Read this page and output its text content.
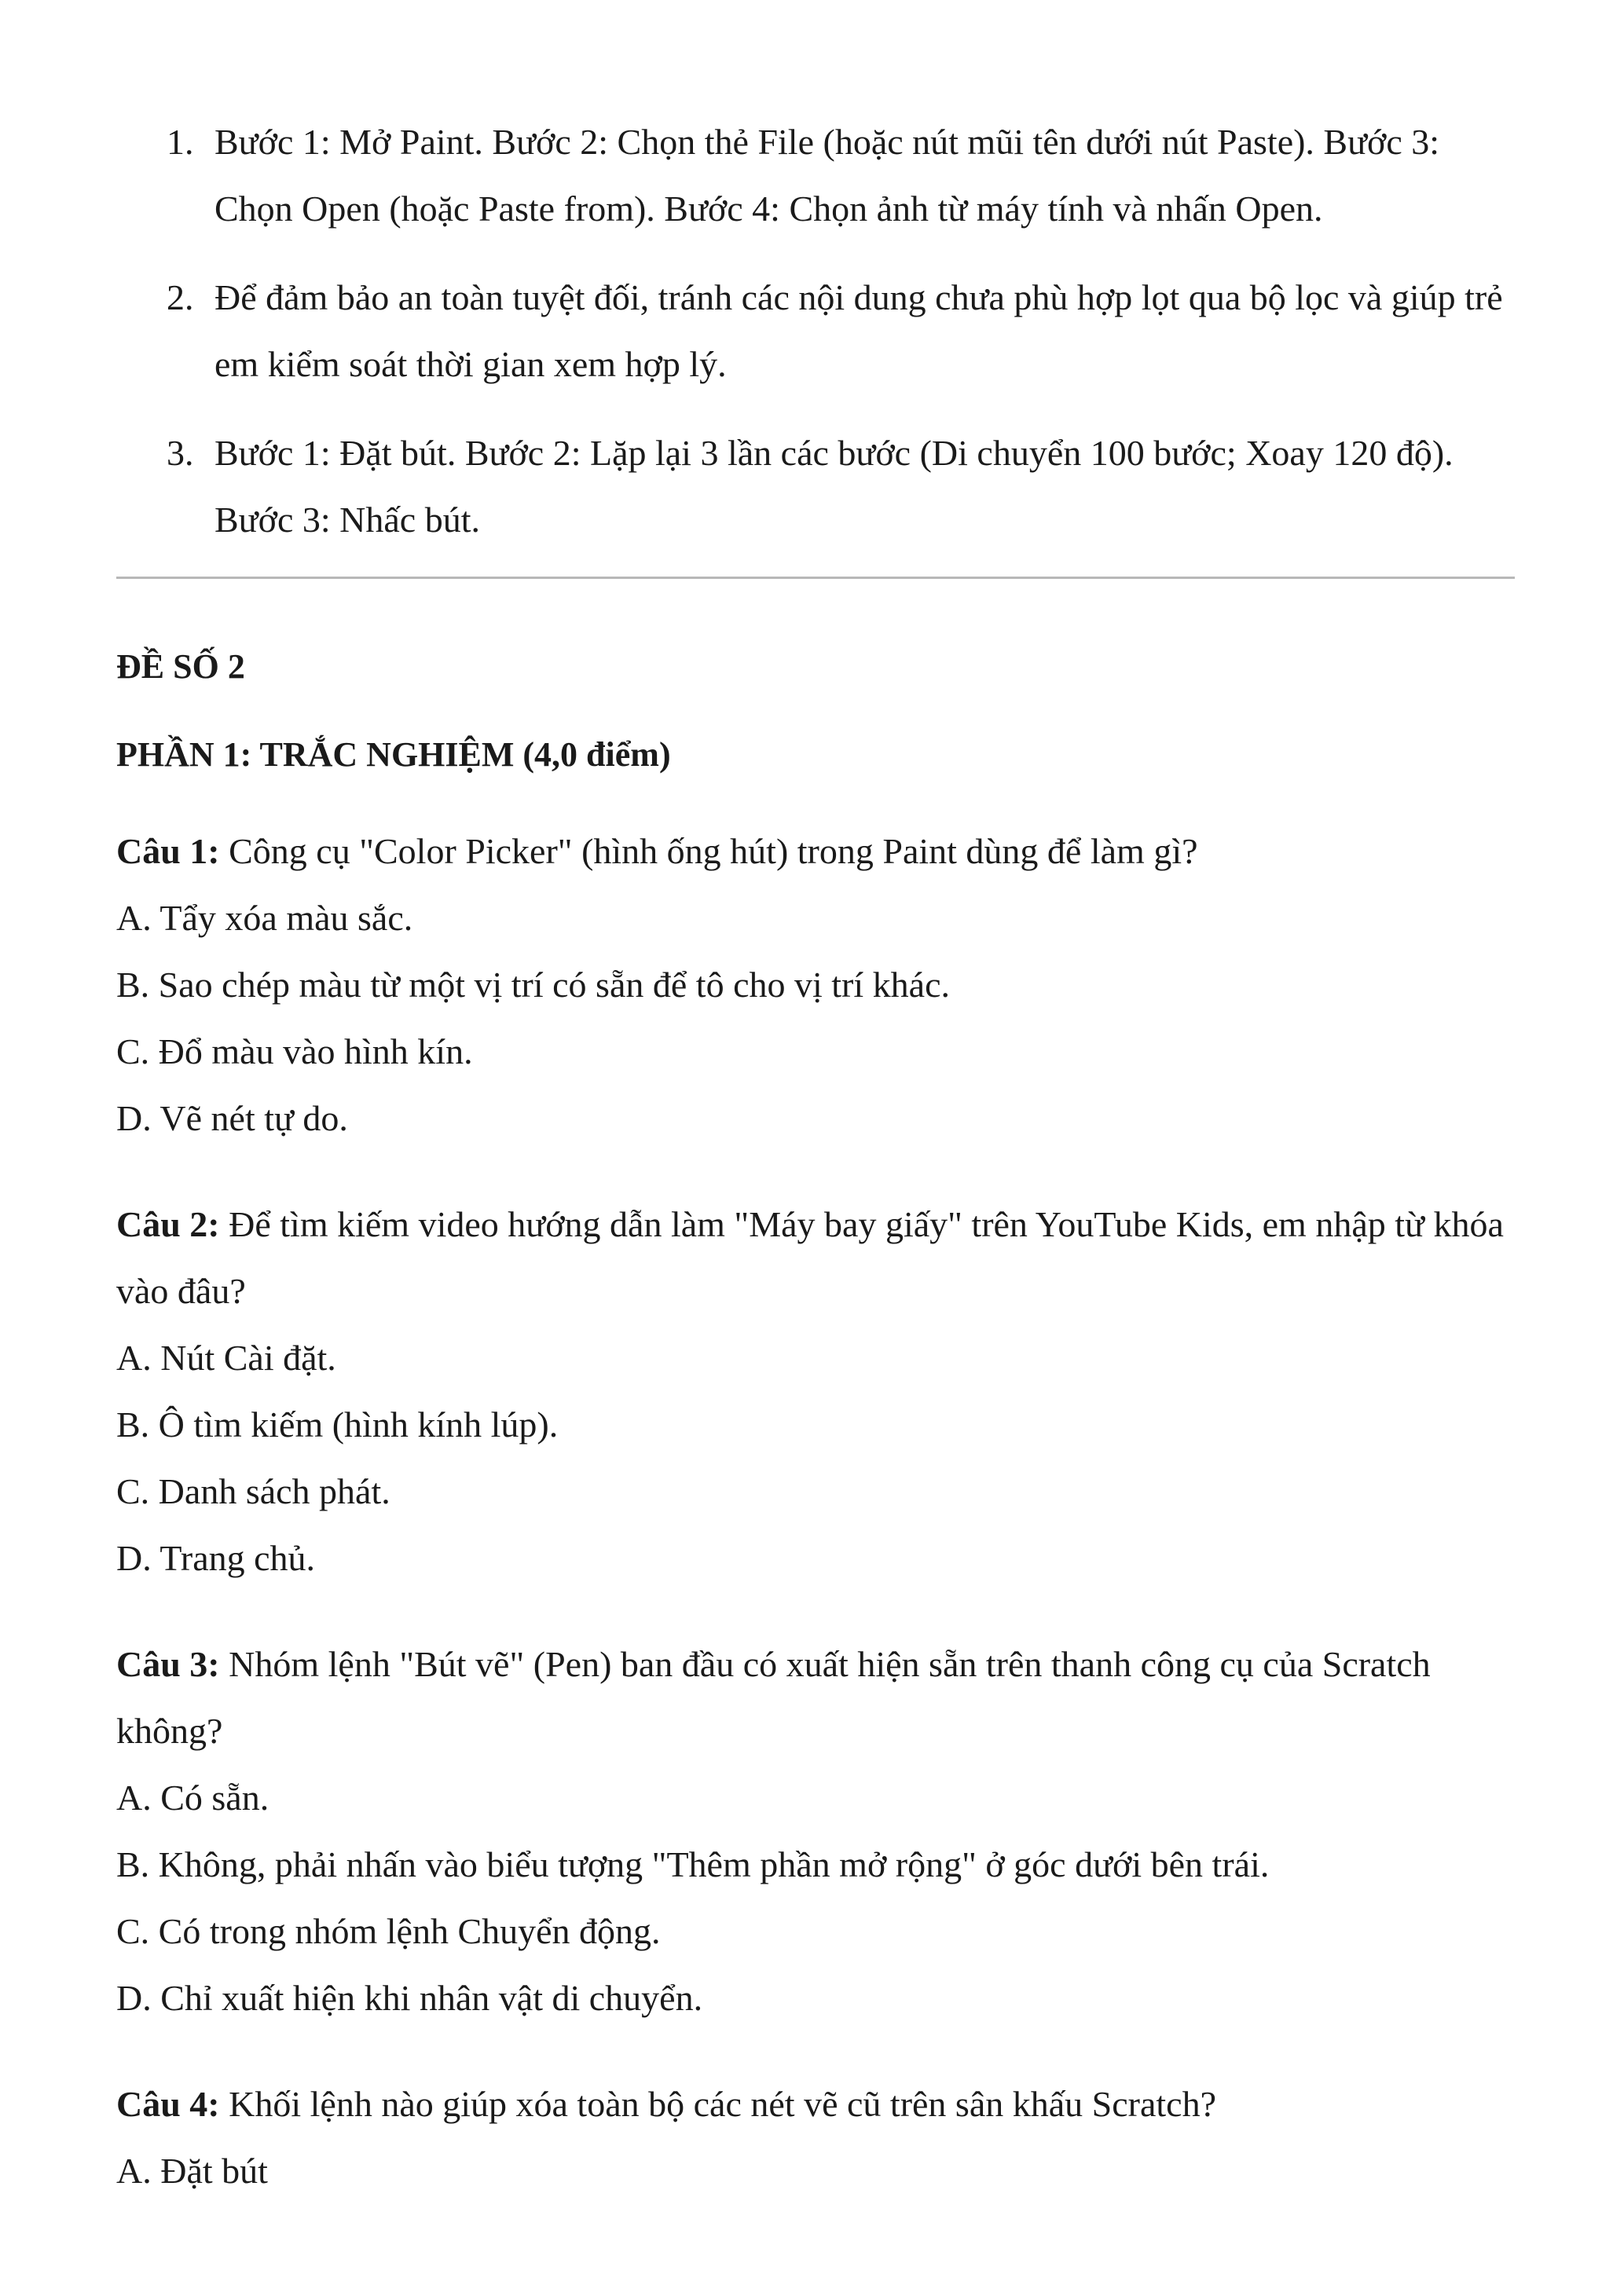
1. Bước 1: Mở Paint. Bước 2: Chọn thẻ File (hoặc nút mũi tên dưới nút Paste). Bước 3: Chọn Open (hoặc Paste from). Bước 4: Chọn ảnh từ máy tính và nhấn Open.
2. Để đảm bảo an toàn tuyệt đối, tránh các nội dung chưa phù hợp lọt qua bộ lọc và giúp trẻ em kiểm soát thời gian xem hợp lý.
3. Bước 1: Đặt bút. Bước 2: Lặp lại 3 lần các bước (Di chuyển 100 bước; Xoay 120 độ). Bước 3: Nhấc bút.

ĐỀ SỐ 2

PHẦN 1: TRẮC NGHIỆM (4,0 điểm)

Câu 1: Công cụ "Color Picker" (hình ống hút) trong Paint dùng để làm gì?
A. Tẩy xóa màu sắc.
B. Sao chép màu từ một vị trí có sẵn để tô cho vị trí khác.
C. Đổ màu vào hình kín.
D. Vẽ nét tự do.
Câu 2: Để tìm kiếm video hướng dẫn làm "Máy bay giấy" trên YouTube Kids, em nhập từ khóa vào đâu?
A. Nút Cài đặt.
B. Ô tìm kiếm (hình kính lúp).
C. Danh sách phát.
D. Trang chủ.
Câu 3: Nhóm lệnh "Bút vẽ" (Pen) ban đầu có xuất hiện sẵn trên thanh công cụ của Scratch không?
A. Có sẵn.
B. Không, phải nhấn vào biểu tượng "Thêm phần mở rộng" ở góc dưới bên trái.
C. Có trong nhóm lệnh Chuyển động.
D. Chỉ xuất hiện khi nhân vật di chuyển.
Câu 4: Khối lệnh nào giúp xóa toàn bộ các nét vẽ cũ trên sân khấu Scratch?
A. Đặt bút
